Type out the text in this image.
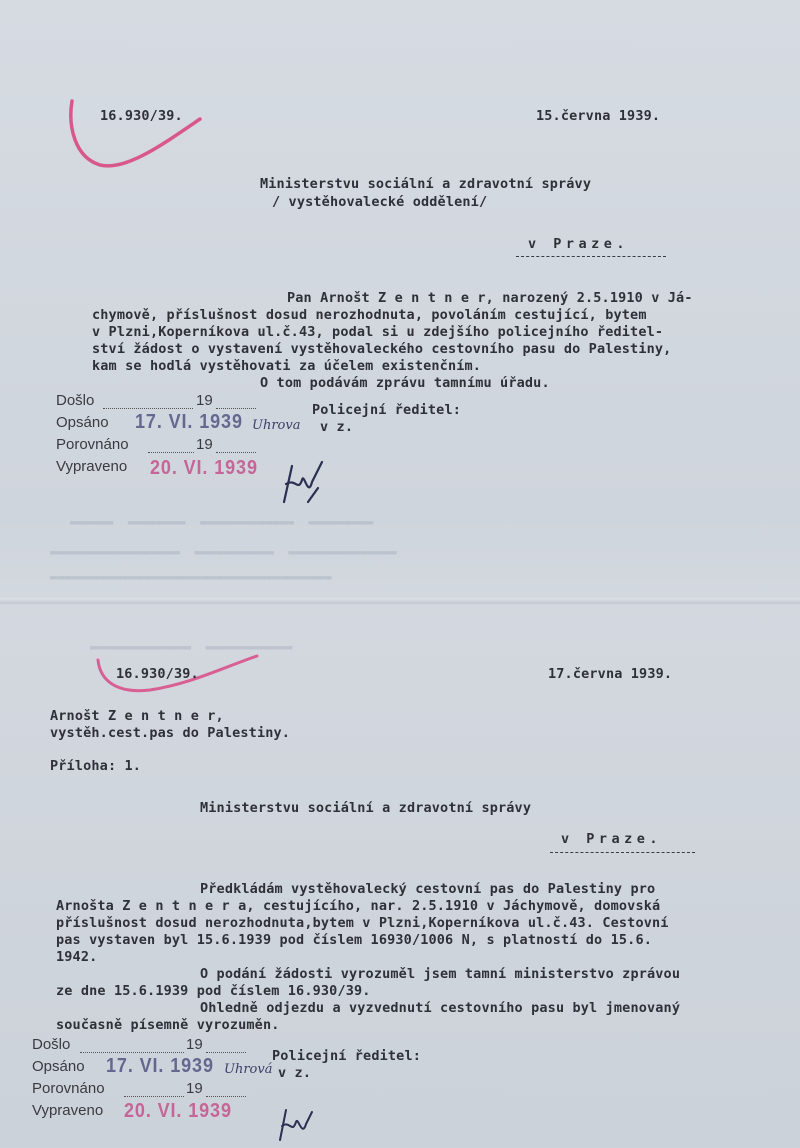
▬▬▬▬▬▬  ▬▬▬▬▬▬▬▬  ▬▬▬▬▬▬▬▬▬▬▬▬▬  ▬▬▬▬▬▬▬▬▬
▬▬▬▬▬▬▬▬▬▬▬▬▬▬▬▬▬▬  ▬▬▬▬▬▬▬▬▬▬▬  ▬▬▬▬▬▬▬▬▬▬▬▬▬▬▬
▬▬▬▬▬▬▬▬▬▬▬▬▬▬▬▬▬▬▬▬▬▬▬▬▬▬▬▬▬▬▬▬▬▬▬▬▬▬▬
▬▬▬▬▬▬▬▬▬▬▬▬▬▬  ▬▬▬▬▬▬▬▬▬▬▬▬
16.930/39.	15.června 1939.
Ministerstvu sociální a zdravotní správy
/ vystěhovalecké oddělení/
v Praze.
Pan Arnošt Z e n t n e r, narozený 2.5.1910 v Já-
chymově, příslušnost dosud nerozhodnuta, povoláním cestující, bytem
v Plzni,Koperníkova ul.č.43, podal si u zdejšího policejního ředitel-
ství žádost o vystavení vystěhovaleckého cestovního pasu do Palestiny,
kam se hodlá vystěhovati za účelem existenčním.
O tom podávám zprávu tamnímu úřadu.
Došlo	19
Opsáno 17. VI. 1939 Uhrova
Porovnáno	19
Vypraveno 20. VI. 1939
Policejní ředitel:
v z.
16.930/39.	17.června 1939.
Arnošt Z e n t n e r,
vystěh.cest.pas do Palestiny.
Příloha: 1.
Ministerstvu sociální a zdravotní správy
v Praze.
Předkládám vystěhovalecký cestovní pas do Palestiny pro
Arnošta Z e n t n e r a, cestujícího, nar. 2.5.1910 v Jáchymově, domovská
příslušnost dosud nerozhodnuta,bytem v Plzni,Koperníkova ul.č.43. Cestovní
pas vystaven byl 15.6.1939 pod číslem 16930/1006 N, s platností do 15.6.
1942.
O podání žádosti vyrozuměl jsem tamní ministerstvo zprávou
ze dne 15.6.1939 pod číslem 16.930/39.
Ohledně odjezdu a vyzvednutí cestovního pasu byl jmenovaný
současně písemně vyrozuměn.
Došlo	19
Opsáno 17. VI. 1939 Uhrová
Porovnáno	19
Vypraveno 20. VI. 1939
Policejní ředitel:
v z.
